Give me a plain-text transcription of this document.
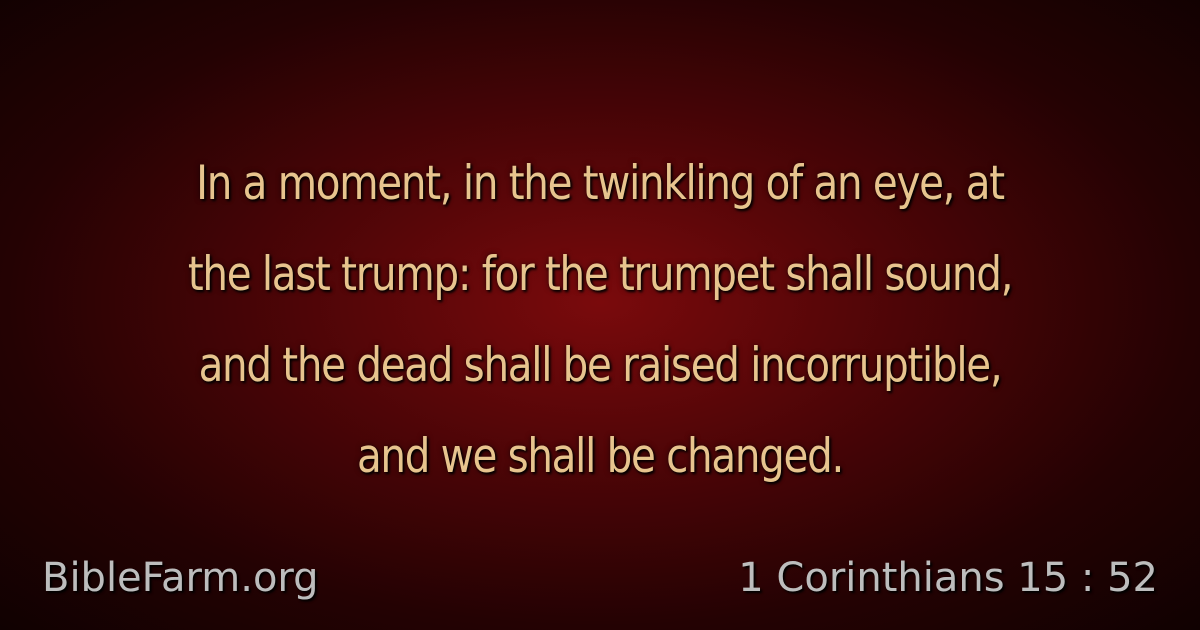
In a moment, in the twinkling of an eye, at
the last trump: for the trumpet shall sound,
and the dead shall be raised incorruptible,
and we shall be changed.

BibleFarm.org	1 Corinthians 15 : 52
